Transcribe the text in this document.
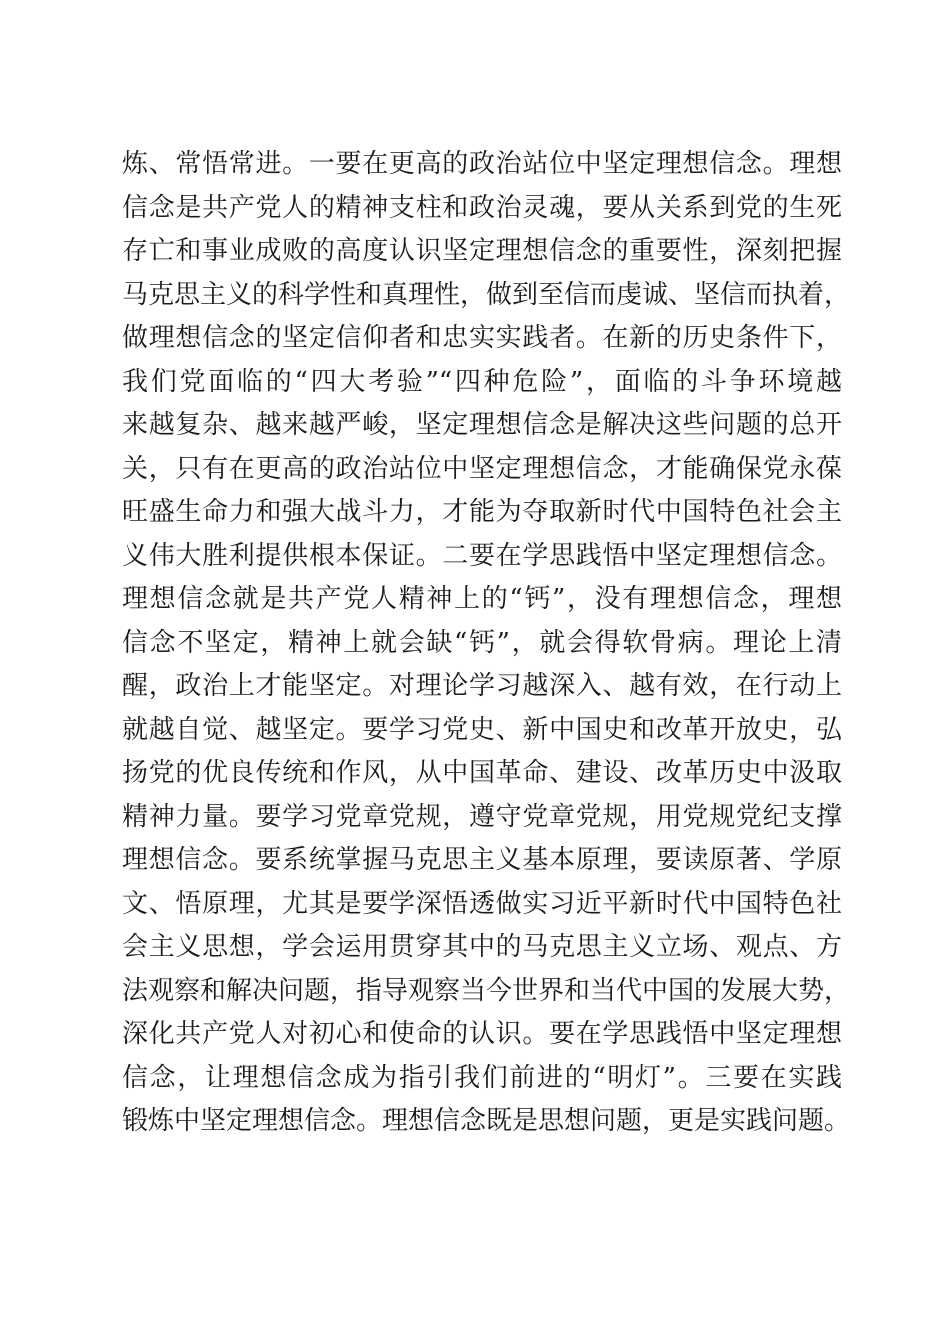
炼、常悟常进。一要在更高的政治站位中坚定理想信念。理想
信念是共产党人的精神支柱和政治灵魂，要从关系到党的生死
存亡和事业成败的高度认识坚定理想信念的重要性，深刻把握
马克思主义的科学性和真理性，做到至信而虔诚、坚信而执着，
做理想信念的坚定信仰者和忠实实践者。在新的历史条件下，
我们党面临的“四大考验”“四种危险”，面临的斗争环境越
来越复杂、越来越严峻，坚定理想信念是解决这些问题的总开
关，只有在更高的政治站位中坚定理想信念，才能确保党永葆
旺盛生命力和强大战斗力，才能为夺取新时代中国特色社会主
义伟大胜利提供根本保证。二要在学思践悟中坚定理想信念。
理想信念就是共产党人精神上的“钙”，没有理想信念，理想
信念不坚定，精神上就会缺“钙”，就会得软骨病。理论上清
醒，政治上才能坚定。对理论学习越深入、越有效，在行动上
就越自觉、越坚定。要学习党史、新中国史和改革开放史，弘
扬党的优良传统和作风，从中国革命、建设、改革历史中汲取
精神力量。要学习党章党规，遵守党章党规，用党规党纪支撑
理想信念。要系统掌握马克思主义基本原理，要读原著、学原
文、悟原理，尤其是要学深悟透做实习近平新时代中国特色社
会主义思想，学会运用贯穿其中的马克思主义立场、观点、方
法观察和解决问题，指导观察当今世界和当代中国的发展大势，
深化共产党人对初心和使命的认识。要在学思践悟中坚定理想
信念，让理想信念成为指引我们前进的“明灯”。三要在实践
锻炼中坚定理想信念。理想信念既是思想问题，更是实践问题。
